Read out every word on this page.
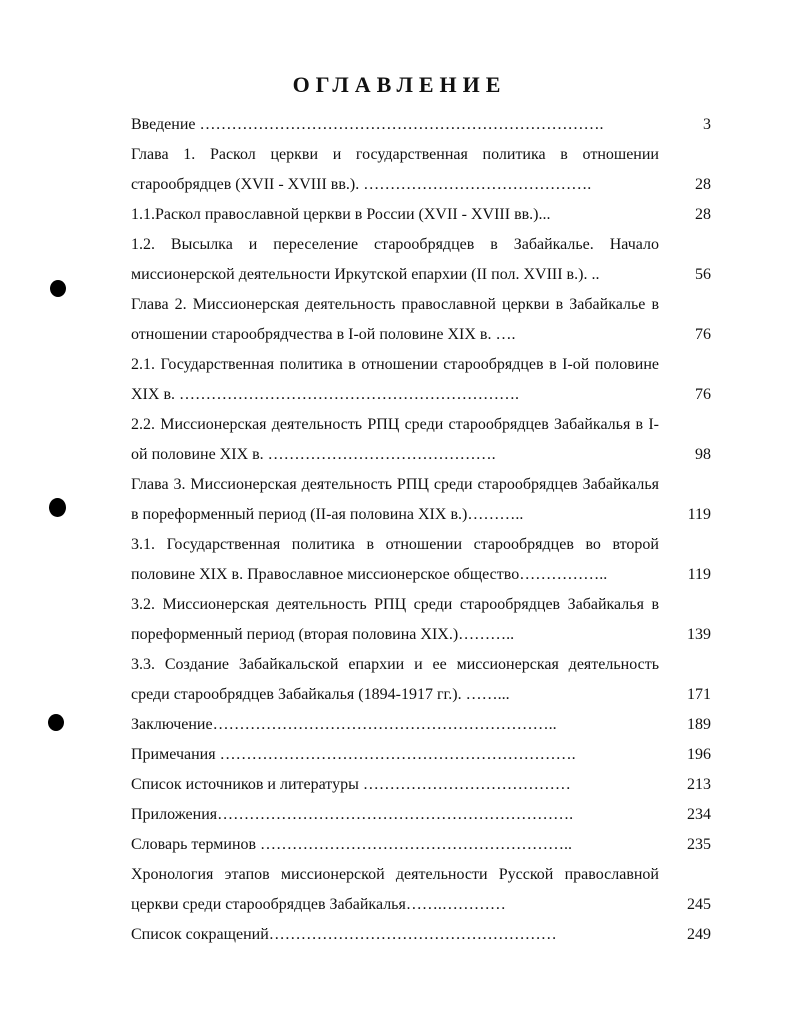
ОГЛАВЛЕНИЕ
Введение ………………………………………………………………….	3
Глава 1. Раскол церкви и государственная политика в отношении старообрядцев (XVII - XVIII вв.). …………………………………….	28
1.1.Раскол православной церкви в России (XVII - XVIII вв.)...	28
1.2. Высылка и переселение старообрядцев в Забайкалье. Начало миссионерской деятельности Иркутской епархии (II пол. XVIII в.). ..	56
Глава 2. Миссионерская деятельность православной церкви в Забайкалье в отношении старообрядчества в I-ой половине XIX в. ….	76
2.1. Государственная политика в отношении старообрядцев в I-ой половине XIX в. ……………………………………………………….	76
2.2. Миссионерская деятельность РПЦ среди старообрядцев Забайкалья в I-ой половине XIX в. …………………………………….	98
Глава 3. Миссионерская деятельность РПЦ среди старообрядцев Забайкалья в пореформенный период (II-ая половина XIX в.)………..	119
3.1. Государственная политика в отношении старообрядцев во второй половине XIX в. Православное миссионерское общество……………..	119
3.2. Миссионерская деятельность РПЦ среди старообрядцев Забайкалья в пореформенный период (вторая половина XIX.)………..	139
3.3. Создание Забайкальской епархии и ее миссионерская деятельность среди старообрядцев Забайкалья (1894-1917 гг.). ……...	171
Заключение………………………………………………………..	189
Примечания ………………………………………………………….	196
Список источников и литературы …………………………………	213
Приложения………………………………………………………….	234
Словарь терминов …………………………………………………..	235
Хронология этапов миссионерской деятельности Русской православной церкви среди старообрядцев Забайкалья…….…………	245
Список сокращений………………………………………………	249
